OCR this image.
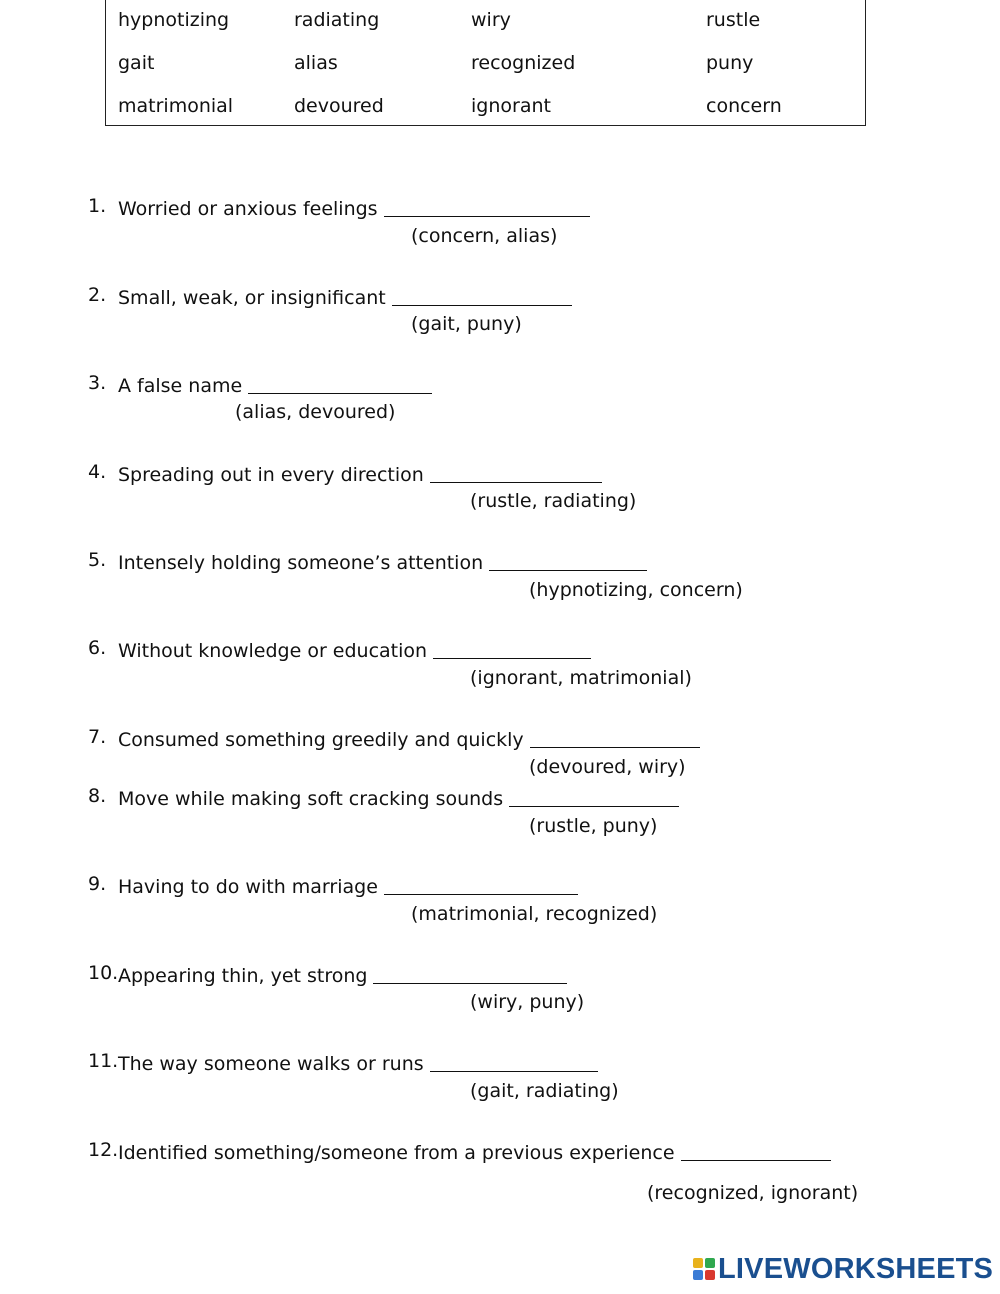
hypnotizing	radiating	wiry	rustle
gait	alias	recognized	puny
matrimonial	devoured	ignorant	concern
1. Worried or anxious feelings
(concern, alias)
2. Small, weak, or insignificant
(gait, puny)
3. A false name
(alias, devoured)
4. Spreading out in every direction
(rustle, radiating)
5. Intensely holding someone’s attention
(hypnotizing, concern)
6. Without knowledge or education
(ignorant, matrimonial)
7. Consumed something greedily and quickly
(devoured, wiry)
8. Move while making soft cracking sounds
(rustle, puny)
9. Having to do with marriage
(matrimonial, recognized)
10. Appearing thin, yet strong
(wiry, puny)
11. The way someone walks or runs
(gait, radiating)
12. Identified something/someone from a previous experience
(recognized, ignorant)
LIVEWORKSHEETS
